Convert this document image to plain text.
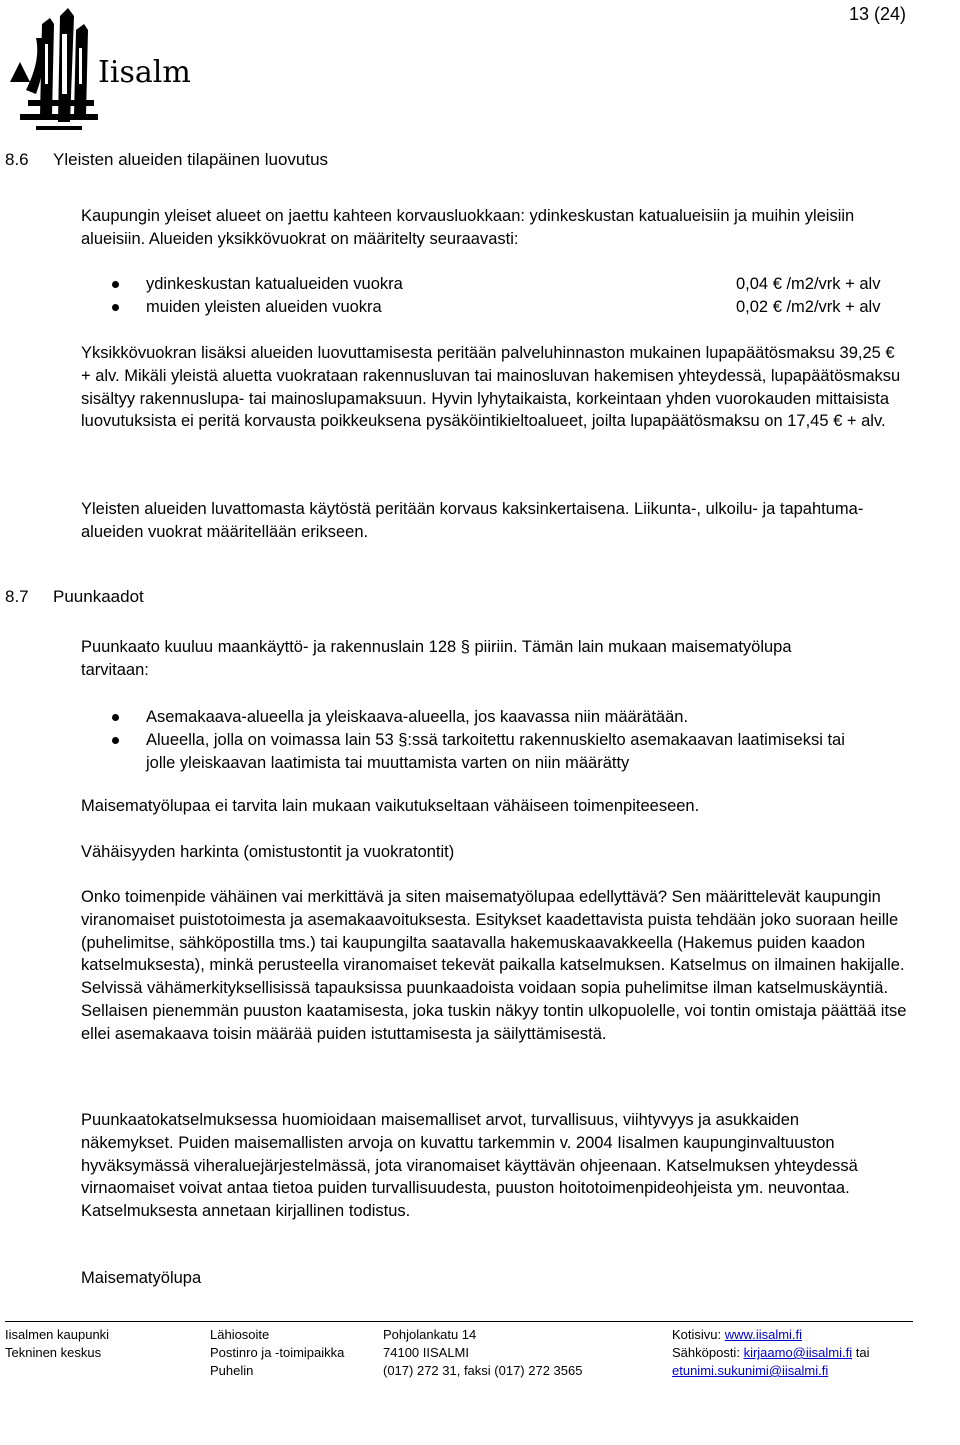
Iisalmi
13 (24)
8.6 Yleisten alueiden tilapäinen luovutus

Kaupungin yleiset alueet on jaettu kahteen korvausluokkaan: ydinkeskustan katualueisiin ja muihin yleisiin alueisiin. Alueiden yksikkövuokrat on määritelty seuraavasti:

ydinkeskustan katualueiden vuokra	0,04 € /m2/vrk + alv
muiden yleisten alueiden vuokra	0,02 € /m2/vrk + alv

Yksikkövuokran lisäksi alueiden luovuttamisesta peritään palveluhinnaston mukainen lupapäätösmaksu 39,25 € + alv. Mikäli yleistä aluetta vuokrataan rakennusluvan tai mainosluvan hakemisen yhteydessä, lupapäätösmaksu sisältyy rakennuslupa- tai mainoslupamaksuun. Hyvin lyhytaikaista, korkeintaan yhden vuorokauden mittaisista luovutuksista ei peritä korvausta poikkeuksena pysäköintikieltoalueet, joilta lupapäätösmaksu on 17,45 € + alv.

Yleisten alueiden luvattomasta käytöstä peritään korvaus kaksinkertaisena. Liikunta-, ulkoilu- ja tapahtuma-alueiden vuokrat määritellään erikseen.

8.7 Puunkaadot

Puunkaato kuuluu maankäyttö- ja rakennuslain 128 § piiriin. Tämän lain mukaan maisematyölupa tarvitaan:

Asemakaava-alueella ja yleiskaava-alueella, jos kaavassa niin määrätään.
Alueella, jolla on voimassa lain 53 §:ssä tarkoitettu rakennuskielto asemakaavan laatimiseksi tai jolle yleiskaavan laatimista tai muuttamista varten on niin määrätty

Maisematyölupaa ei tarvita lain mukaan vaikutukseltaan vähäiseen toimenpiteeseen.

Vähäisyyden harkinta (omistustontit ja vuokratontit)

Onko toimenpide vähäinen vai merkittävä ja siten maisematyölupaa edellyttävä? Sen määrittelevät kaupungin viranomaiset puistotoimesta ja asemakaavoituksesta. Esitykset kaadettavista puista tehdään joko suoraan heille (puhelimitse, sähköpostilla tms.) tai kaupungilta saatavalla hakemuskaavakkeella (Hakemus puiden kaadon katselmuksesta), minkä perusteella viranomaiset tekevät paikalla katselmuksen. Katselmus on ilmainen hakijalle. Selvissä vähämerkityksellisissä tapauksissa puunkaadoista voidaan sopia puhelimitse ilman katselmuskäyntiä. Sellaisen pienemmän puuston kaatamisesta, joka tuskin näkyy tontin ulkopuolelle, voi tontin omistaja päättää itse ellei asemakaava toisin määrää puiden istuttamisesta ja säilyttämisestä.

Puunkaatokatselmuksessa huomioidaan maisemalliset arvot, turvallisuus, viihtyvyys ja asukkaiden näkemykset. Puiden maisemallisten arvoja on kuvattu tarkemmin v. 2004 Iisalmen kaupunginvaltuuston hyväksymässä viheraluejärjestelmässä, jota viranomaiset käyttävän ohjeenaan. Katselmuksen yhteydessä virnaomaiset voivat antaa tietoa puiden turvallisuudesta, puuston hoitotoimenpideohjeista ym. neuvontaa. Katselmuksesta annetaan kirjallinen todistus.

Maisematyölupa

Iisalmen kaupunki
Tekninen keskus
Lähiosoite
Postinro ja -toimipaikka
Puhelin
Pohjolankatu 14
74100 IISALMI
(017) 272 31, faksi (017) 272 3565
Kotisivu: www.iisalmi.fi
Sähköposti: kirjaamo@iisalmi.fi tai
etunimi.sukunimi@iisalmi.fi
